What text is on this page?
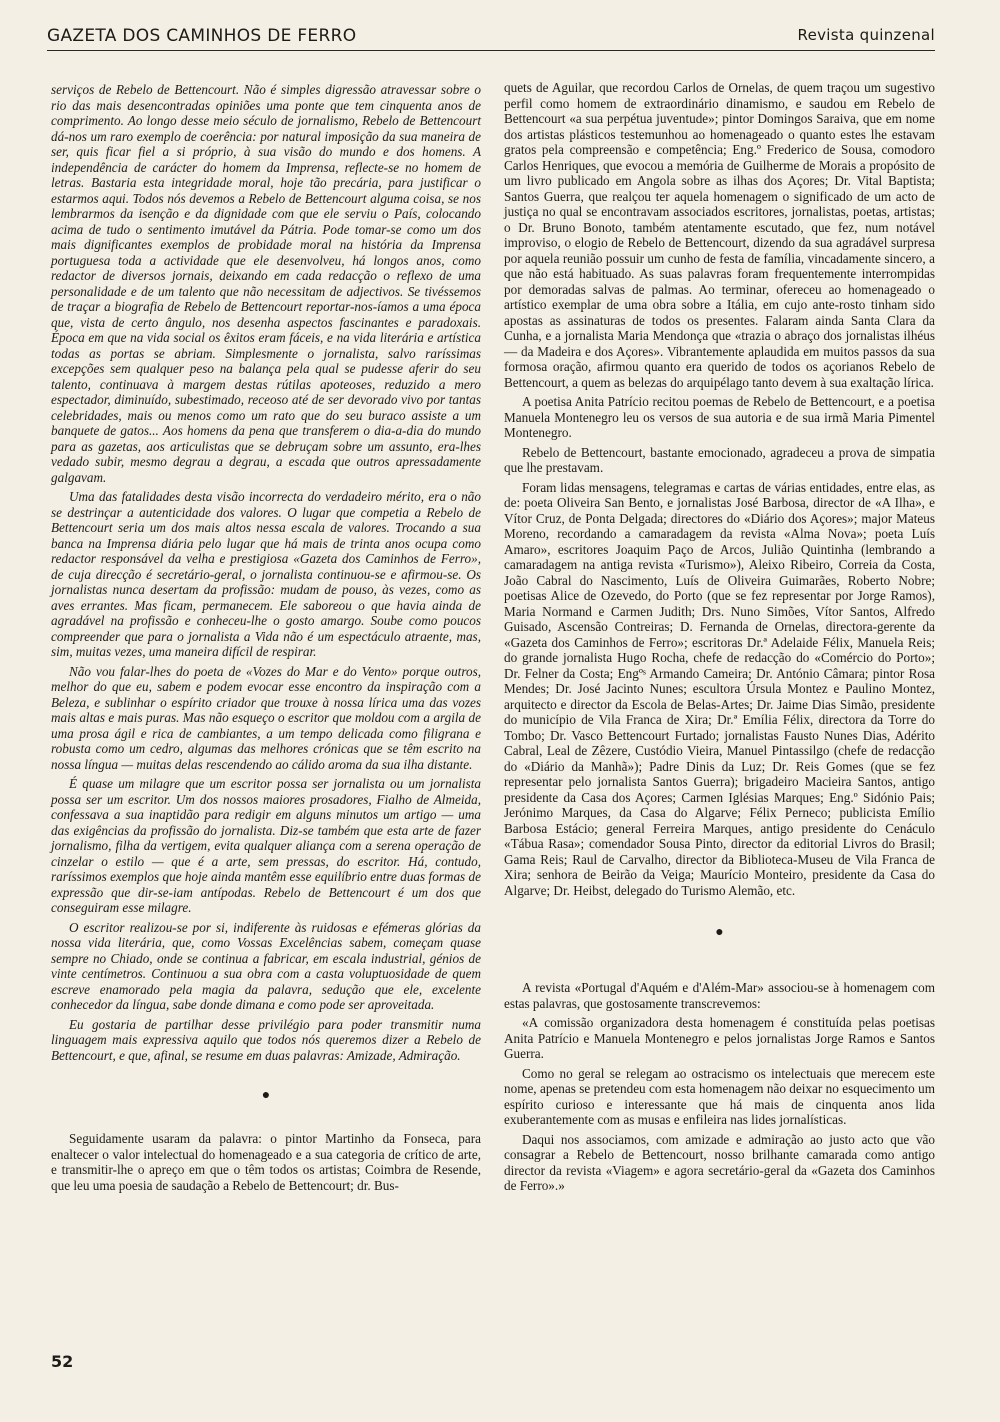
GAZETA DOS CAMINHOS DE FERRO	Revista quinzenal

serviços de Rebelo de Bettencourt. Não é simples digressão atravessar sobre o rio das mais desencontradas opiniões uma ponte que tem cinquenta anos de comprimento. Ao longo desse meio século de jornalismo, Rebelo de Bettencourt dá-nos um raro exemplo de coerência: por natural imposição da sua maneira de ser, quis ficar fiel a si próprio, à sua visão do mundo e dos homens. A independência de carácter do homem da Imprensa, reflecte-se no homem de letras. Bastaria esta integridade moral, hoje tão precária, para justificar o estarmos aqui. Todos nós devemos a Rebelo de Bettencourt alguma coisa, se nos lembrarmos da isenção e da dignidade com que ele serviu o País, colocando acima de tudo o sentimento imutável da Pátria. Pode tomar-se como um dos mais dignificantes exemplos de probidade moral na história da Imprensa portuguesa toda a actividade que ele desenvolveu, há longos anos, como redactor de diversos jornais, deixando em cada redacção o reflexo de uma personalidade e de um talento que não necessitam de adjectivos. Se tivéssemos de traçar a biografia de Rebelo de Bettencourt reportar-nos-íamos a uma época que, vista de certo ângulo, nos desenha aspectos fascinantes e paradoxais. Época em que na vida social os êxitos eram fáceis, e na vida literária e artística todas as portas se abriam. Simplesmente o jornalista, salvo raríssimas excepções sem qualquer peso na balança pela qual se pudesse aferir do seu talento, continuava à margem destas rútilas apoteoses, reduzido a mero espectador, diminuído, subestimado, receoso até de ser devorado vivo por tantas celebridades, mais ou menos como um rato que do seu buraco assiste a um banquete de gatos... Aos homens da pena que transferem o dia-a-dia do mundo para as gazetas, aos articulistas que se debruçam sobre um assunto, era-lhes vedado subir, mesmo degrau a degrau, a escada que outros apressadamente galgavam.

Uma das fatalidades desta visão incorrecta do verdadeiro mérito, era o não se destrinçar a autenticidade dos valores. O lugar que competia a Rebelo de Bettencourt seria um dos mais altos nessa escala de valores. Trocando a sua banca na Imprensa diária pelo lugar que há mais de trinta anos ocupa como redactor responsável da velha e prestigiosa «Gazeta dos Caminhos de Ferro», de cuja direcção é secretário-geral, o jornalista continuou-se e afirmou-se. Os jornalistas nunca desertam da profissão: mudam de pouso, às vezes, como as aves errantes. Mas ficam, permanecem. Ele saboreou o que havia ainda de agradável na profissão e conheceu-lhe o gosto amargo. Soube como poucos compreender que para o jornalista a Vida não é um espectáculo atraente, mas, sim, muitas vezes, uma maneira difícil de respirar.

Não vou falar-lhes do poeta de «Vozes do Mar e do Vento» porque outros, melhor do que eu, sabem e podem evocar esse encontro da inspiração com a Beleza, e sublinhar o espírito criador que trouxe à nossa lírica uma das vozes mais altas e mais puras. Mas não esqueço o escritor que moldou com a argila de uma prosa ágil e rica de cambiantes, a um tempo delicada como filigrana e robusta como um cedro, algumas das melhores crónicas que se têm escrito na nossa língua — muitas delas rescendendo ao cálido aroma da sua ilha distante.

É quase um milagre que um escritor possa ser jornalista ou um jornalista possa ser um escritor. Um dos nossos maiores prosadores, Fialho de Almeida, confessava a sua inaptidão para redigir em alguns minutos um artigo — uma das exigências da profissão do jornalista. Diz-se também que esta arte de fazer jornalismo, filha da vertigem, evita qualquer aliança com a serena operação de cinzelar o estilo — que é a arte, sem pressas, do escritor. Há, contudo, raríssimos exemplos que hoje ainda mantêm esse equilíbrio entre duas formas de expressão que dir-se-iam antípodas. Rebelo de Bettencourt é um dos que conseguiram esse milagre.

O escritor realizou-se por si, indiferente às ruidosas e efémeras glórias da nossa vida literária, que, como Vossas Excelências sabem, começam quase sempre no Chiado, onde se continua a fabricar, em escala industrial, génios de vinte centímetros. Continuou a sua obra com a casta voluptuosidade de quem escreve enamorado pela magia da palavra, sedução que ele, excelente conhecedor da língua, sabe donde dimana e como pode ser aproveitada.

Eu gostaria de partilhar desse privilégio para poder transmitir numa linguagem mais expressiva aquilo que todos nós queremos dizer a Rebelo de Bettencourt, e que, afinal, se resume em duas palavras: Amizade, Admiração.

●

Seguidamente usaram da palavra: o pintor Martinho da Fonseca, para enaltecer o valor intelectual do homenageado e a sua categoria de crítico de arte, e transmitir-lhe o apreço em que o têm todos os artistas; Coimbra de Resende, que leu uma poesia de saudação a Rebelo de Bettencourt; dr. Bus-

quets de Aguilar, que recordou Carlos de Ornelas, de quem traçou um sugestivo perfil como homem de extraordinário dinamismo, e saudou em Rebelo de Bettencourt «a sua perpétua juventude»; pintor Domingos Saraiva, que em nome dos artistas plásticos testemunhou ao homenageado o quanto estes lhe estavam gratos pela compreensão e competência; Eng.º Frederico de Sousa, comodoro Carlos Henriques, que evocou a memória de Guilherme de Morais a propósito de um livro publicado em Angola sobre as ilhas dos Açores; Dr. Vital Baptista; Santos Guerra, que realçou ter aquela homenagem o significado de um acto de justiça no qual se encontravam associados escritores, jornalistas, poetas, artistas; o Dr. Bruno Bonoto, também atentamente escutado, que fez, num notável improviso, o elogio de Rebelo de Bettencourt, dizendo da sua agradável surpresa por aquela reunião possuir um cunho de festa de família, vincadamente sincero, a que não está habituado. As suas palavras foram frequentemente interrompidas por demoradas salvas de palmas. Ao terminar, ofereceu ao homenageado o artístico exemplar de uma obra sobre a Itália, em cujo ante-rosto tinham sido apostas as assinaturas de todos os presentes. Falaram ainda Santa Clara da Cunha, e a jornalista Maria Mendonça que «trazia o abraço dos jornalistas ilhéus — da Madeira e dos Açores». Vibrantemente aplaudida em muitos passos da sua formosa oração, afirmou quanto era querido de todos os açorianos Rebelo de Bettencourt, a quem as belezas do arquipélago tanto devem à sua exaltação lírica.

A poetisa Anita Patrício recitou poemas de Rebelo de Bettencourt, e a poetisa Manuela Montenegro leu os versos de sua autoria e de sua irmã Maria Pimentel Montenegro.

Rebelo de Bettencourt, bastante emocionado, agradeceu a prova de simpatia que lhe prestavam.

Foram lidas mensagens, telegramas e cartas de várias entidades, entre elas, as de: poeta Oliveira San Bento, e jornalistas José Barbosa, director de «A Ilha», e Vítor Cruz, de Ponta Delgada; directores do «Diário dos Açores»; major Mateus Moreno, recordando a camaradagem da revista «Alma Nova»; poeta Luís Amaro», escritores Joaquim Paço de Arcos, Julião Quintinha (lembrando a camaradagem na antiga revista «Turismo»), Aleixo Ribeiro, Correia da Costa, João Cabral do Nascimento, Luís de Oliveira Guimarães, Roberto Nobre; poetisas Alice de Ozevedo, do Porto (que se fez representar por Jorge Ramos), Maria Normand e Carmen Judith; Drs. Nuno Simões, Vítor Santos, Alfredo Guisado, Ascensão Contreiras; D. Fernanda de Ornelas, directora-gerente da «Gazeta dos Caminhos de Ferro»; escritoras Dr.ª Adelaide Félix, Manuela Reis; do grande jornalista Hugo Rocha, chefe de redacção do «Comércio do Porto»; Dr. Felner da Costa; Engºˢ Armando Cameira; Dr. António Câmara; pintor Rosa Mendes; Dr. José Jacinto Nunes; escultora Úrsula Montez e Paulino Montez, arquitecto e director da Escola de Belas-Artes; Dr. Jaime Dias Simão, presidente do município de Vila Franca de Xira; Dr.ª Emília Félix, directora da Torre do Tombo; Dr. Vasco Bettencourt Furtado; jornalistas Fausto Nunes Dias, Adérito Cabral, Leal de Zêzere, Custódio Vieira, Manuel Pintassilgo (chefe de redacção do «Diário da Manhã»); Padre Dinis da Luz; Dr. Reis Gomes (que se fez representar pelo jornalista Santos Guerra); brigadeiro Macieira Santos, antigo presidente da Casa dos Açores; Carmen Iglésias Marques; Eng.º Sidónio Pais; Jerónimo Marques, da Casa do Algarve; Félix Perneco; publicista Emílio Barbosa Estácio; general Ferreira Marques, antigo presidente do Cenáculo «Tábua Rasa»; comendador Sousa Pinto, director da editorial Livros do Brasil; Gama Reis; Raul de Carvalho, director da Biblioteca-Museu de Vila Franca de Xira; senhora de Beirão da Veiga; Maurício Monteiro, presidente da Casa do Algarve; Dr. Heibst, delegado do Turismo Alemão, etc.

●

A revista «Portugal d'Aquém e d'Além-Mar» associou-se à homenagem com estas palavras, que gostosamente transcrevemos:

«A comissão organizadora desta homenagem é constituída pelas poetisas Anita Patrício e Manuela Montenegro e pelos jornalistas Jorge Ramos e Santos Guerra.

Como no geral se relegam ao ostracismo os intelectuais que merecem este nome, apenas se pretendeu com esta homenagem não deixar no esquecimento um espírito curioso e interessante que há mais de cinquenta anos lida exuberantemente com as musas e enfileira nas lides jornalísticas.

Daqui nos associamos, com amizade e admiração ao justo acto que vão consagrar a Rebelo de Bettencourt, nosso brilhante camarada como antigo director da revista «Viagem» e agora secretário-geral da «Gazeta dos Caminhos de Ferro».»

52
